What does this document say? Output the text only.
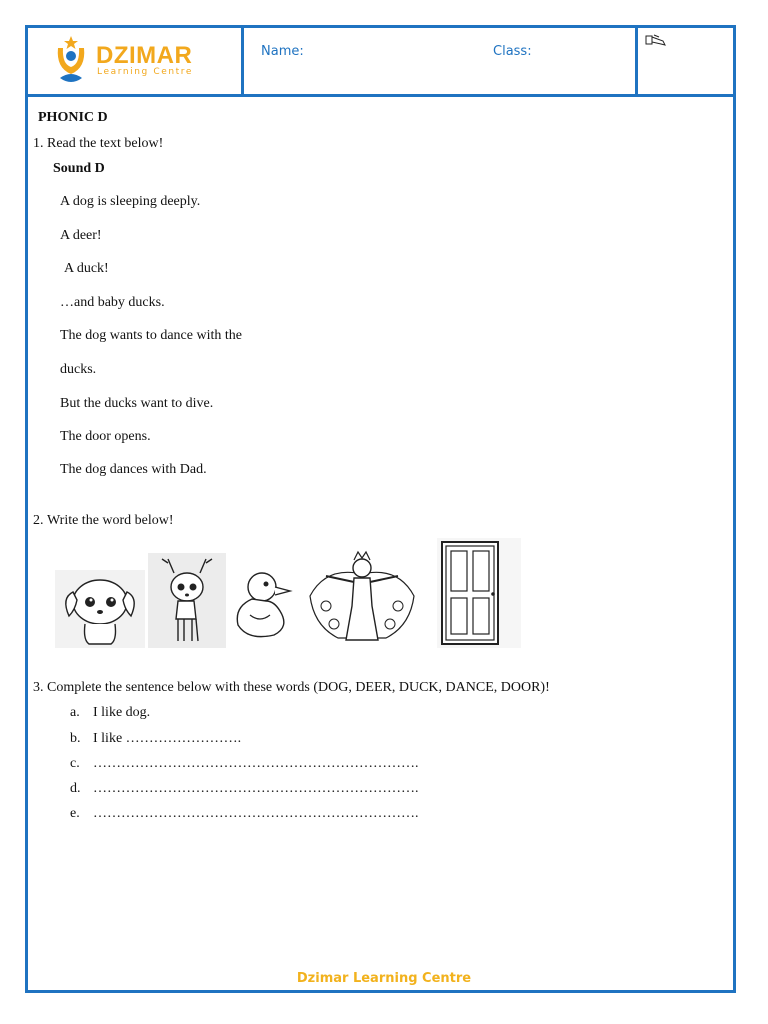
DZIMAR
Learning Centre
Name:	Class:
PHONIC D
1. Read the text below!
Sound D
A dog is sleeping deeply.
A deer!
A duck!
…and baby ducks.
The dog wants to dance with the
ducks.
But the ducks want to dive.
The door opens.
The dog dances with Dad.
2. Write the word below!
3. Complete the sentence below with these words (DOG, DEER, DUCK, DANCE, DOOR)!
a. I like dog.
b. I like …………………….
c. …………………………………………………………….
d. …………………………………………………………….
e. …………………………………………………………….
Dzimar Learning Centre
